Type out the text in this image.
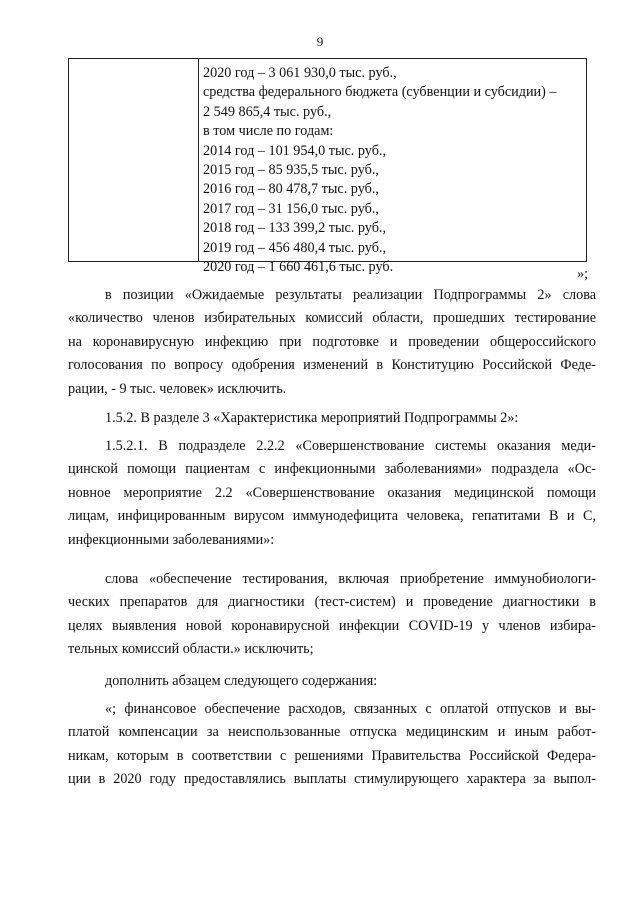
9
2020 год – 3 061 930,0 тыс. руб.,
средства федерального бюджета (субвенции и субсидии) –
2 549 865,4 тыс. руб.,
в том числе по годам:
2014 год – 101 954,0 тыс. руб.,
2015 год – 85 935,5 тыс. руб.,
2016 год – 80 478,7 тыс. руб.,
2017 год – 31 156,0 тыс. руб.,
2018 год – 133 399,2 тыс. руб.,
2019 год – 456 480,4 тыс. руб.,
2020 год – 1 660 461,6 тыс. руб.	»;
в позиции «Ожидаемые результаты реализации Подпрограммы 2» слова
«количество членов избирательных комиссий области, прошедших тестирование
на коронавирусную инфекцию при подготовке и проведении общероссийского
голосования по вопросу одобрения изменений в Конституцию Российской Феде-
рации, - 9 тыс. человек» исключить.
1.5.2. В разделе 3 «Характеристика мероприятий Подпрограммы 2»:
1.5.2.1. В подразделе 2.2.2 «Совершенствование системы оказания меди-
цинской помощи пациентам с инфекционными заболеваниями» подраздела «Ос-
новное мероприятие 2.2 «Совершенствование оказания медицинской помощи
лицам, инфицированным вирусом иммунодефицита человека, гепатитами В и С,
инфекционными заболеваниями»:
слова «обеспечение тестирования, включая приобретение иммунобиологи-
ческих препаратов для диагностики (тест-систем) и проведение диагностики в
целях выявления новой коронавирусной инфекции COVID-19 у членов избира-
тельных комиссий области.» исключить;
дополнить абзацем следующего содержания:
«; финансовое обеспечение расходов, связанных с оплатой отпусков и вы-
платой компенсации за неиспользованные отпуска медицинским и иным работ-
никам, которым в соответствии с решениями Правительства Российской Федера-
ции в 2020 году предоставлялись выплаты стимулирующего характера за выпол-
